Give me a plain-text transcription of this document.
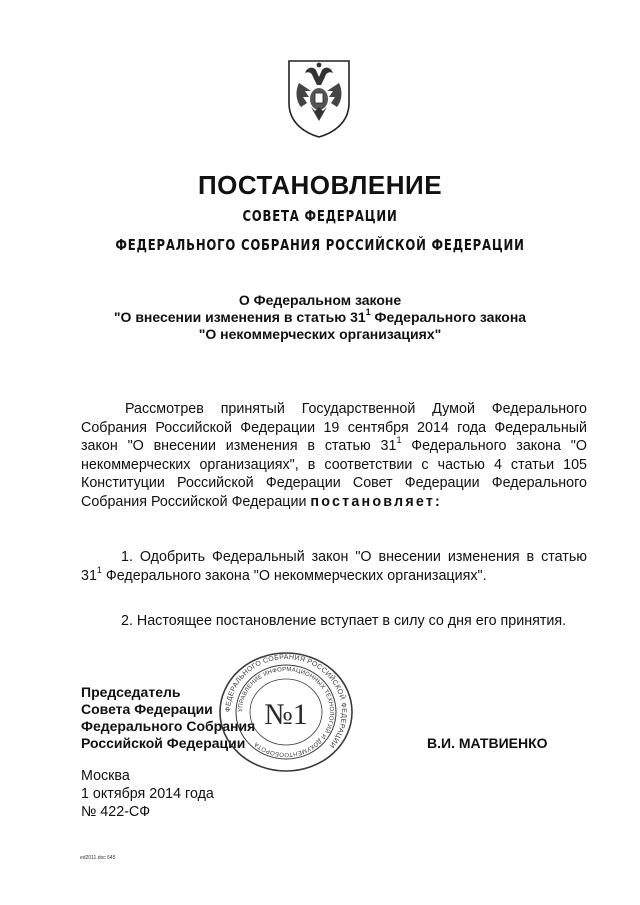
ПОСТАНОВЛЕНИЕ
СОВЕТА ФЕДЕРАЦИИ
ФЕДЕРАЛЬНОГО СОБРАНИЯ РОССИЙСКОЙ ФЕДЕРАЦИИ
О Федеральном законе
"О внесении изменения в статью $31^1$ Федерального закона
"О некоммерческих организациях"
Рассмотрев принятый Государственной Думой Федерального Собрания Российской Федерации 19 сентября 2014 года Федеральный закон "О внесении изменения в статью $31^1$ Федерального закона "О некоммерческих организациях", в соответствии с частью 4 статьи 105 Конституции Российской Федерации Совет Федерации Федерального Собрания Российской Федерации постановляет:
1. Одобрить Федеральный закон "О внесении изменения в статью $31^1$ Федерального закона "О некоммерческих организациях".
2. Настоящее постановление вступает в силу со дня его принятия.
Председатель
Совета Федерации
Федерального Собрания
Российской Федерации	В.И. МАТВИЕНКО
Москва
1 октября 2014 года
№ 422-СФ
ed2011.doc 645
ФЕДЕРАЛЬНОГО СОБРАНИЯ РОССИЙСКОЙ ФЕДЕРАЦИИ
УПРАВЛЕНИЕ ИНФОРМАЦИОННЫХ ТЕХНОЛОГИЙ И ДОКУМЕНТООБОРОТА
№1
